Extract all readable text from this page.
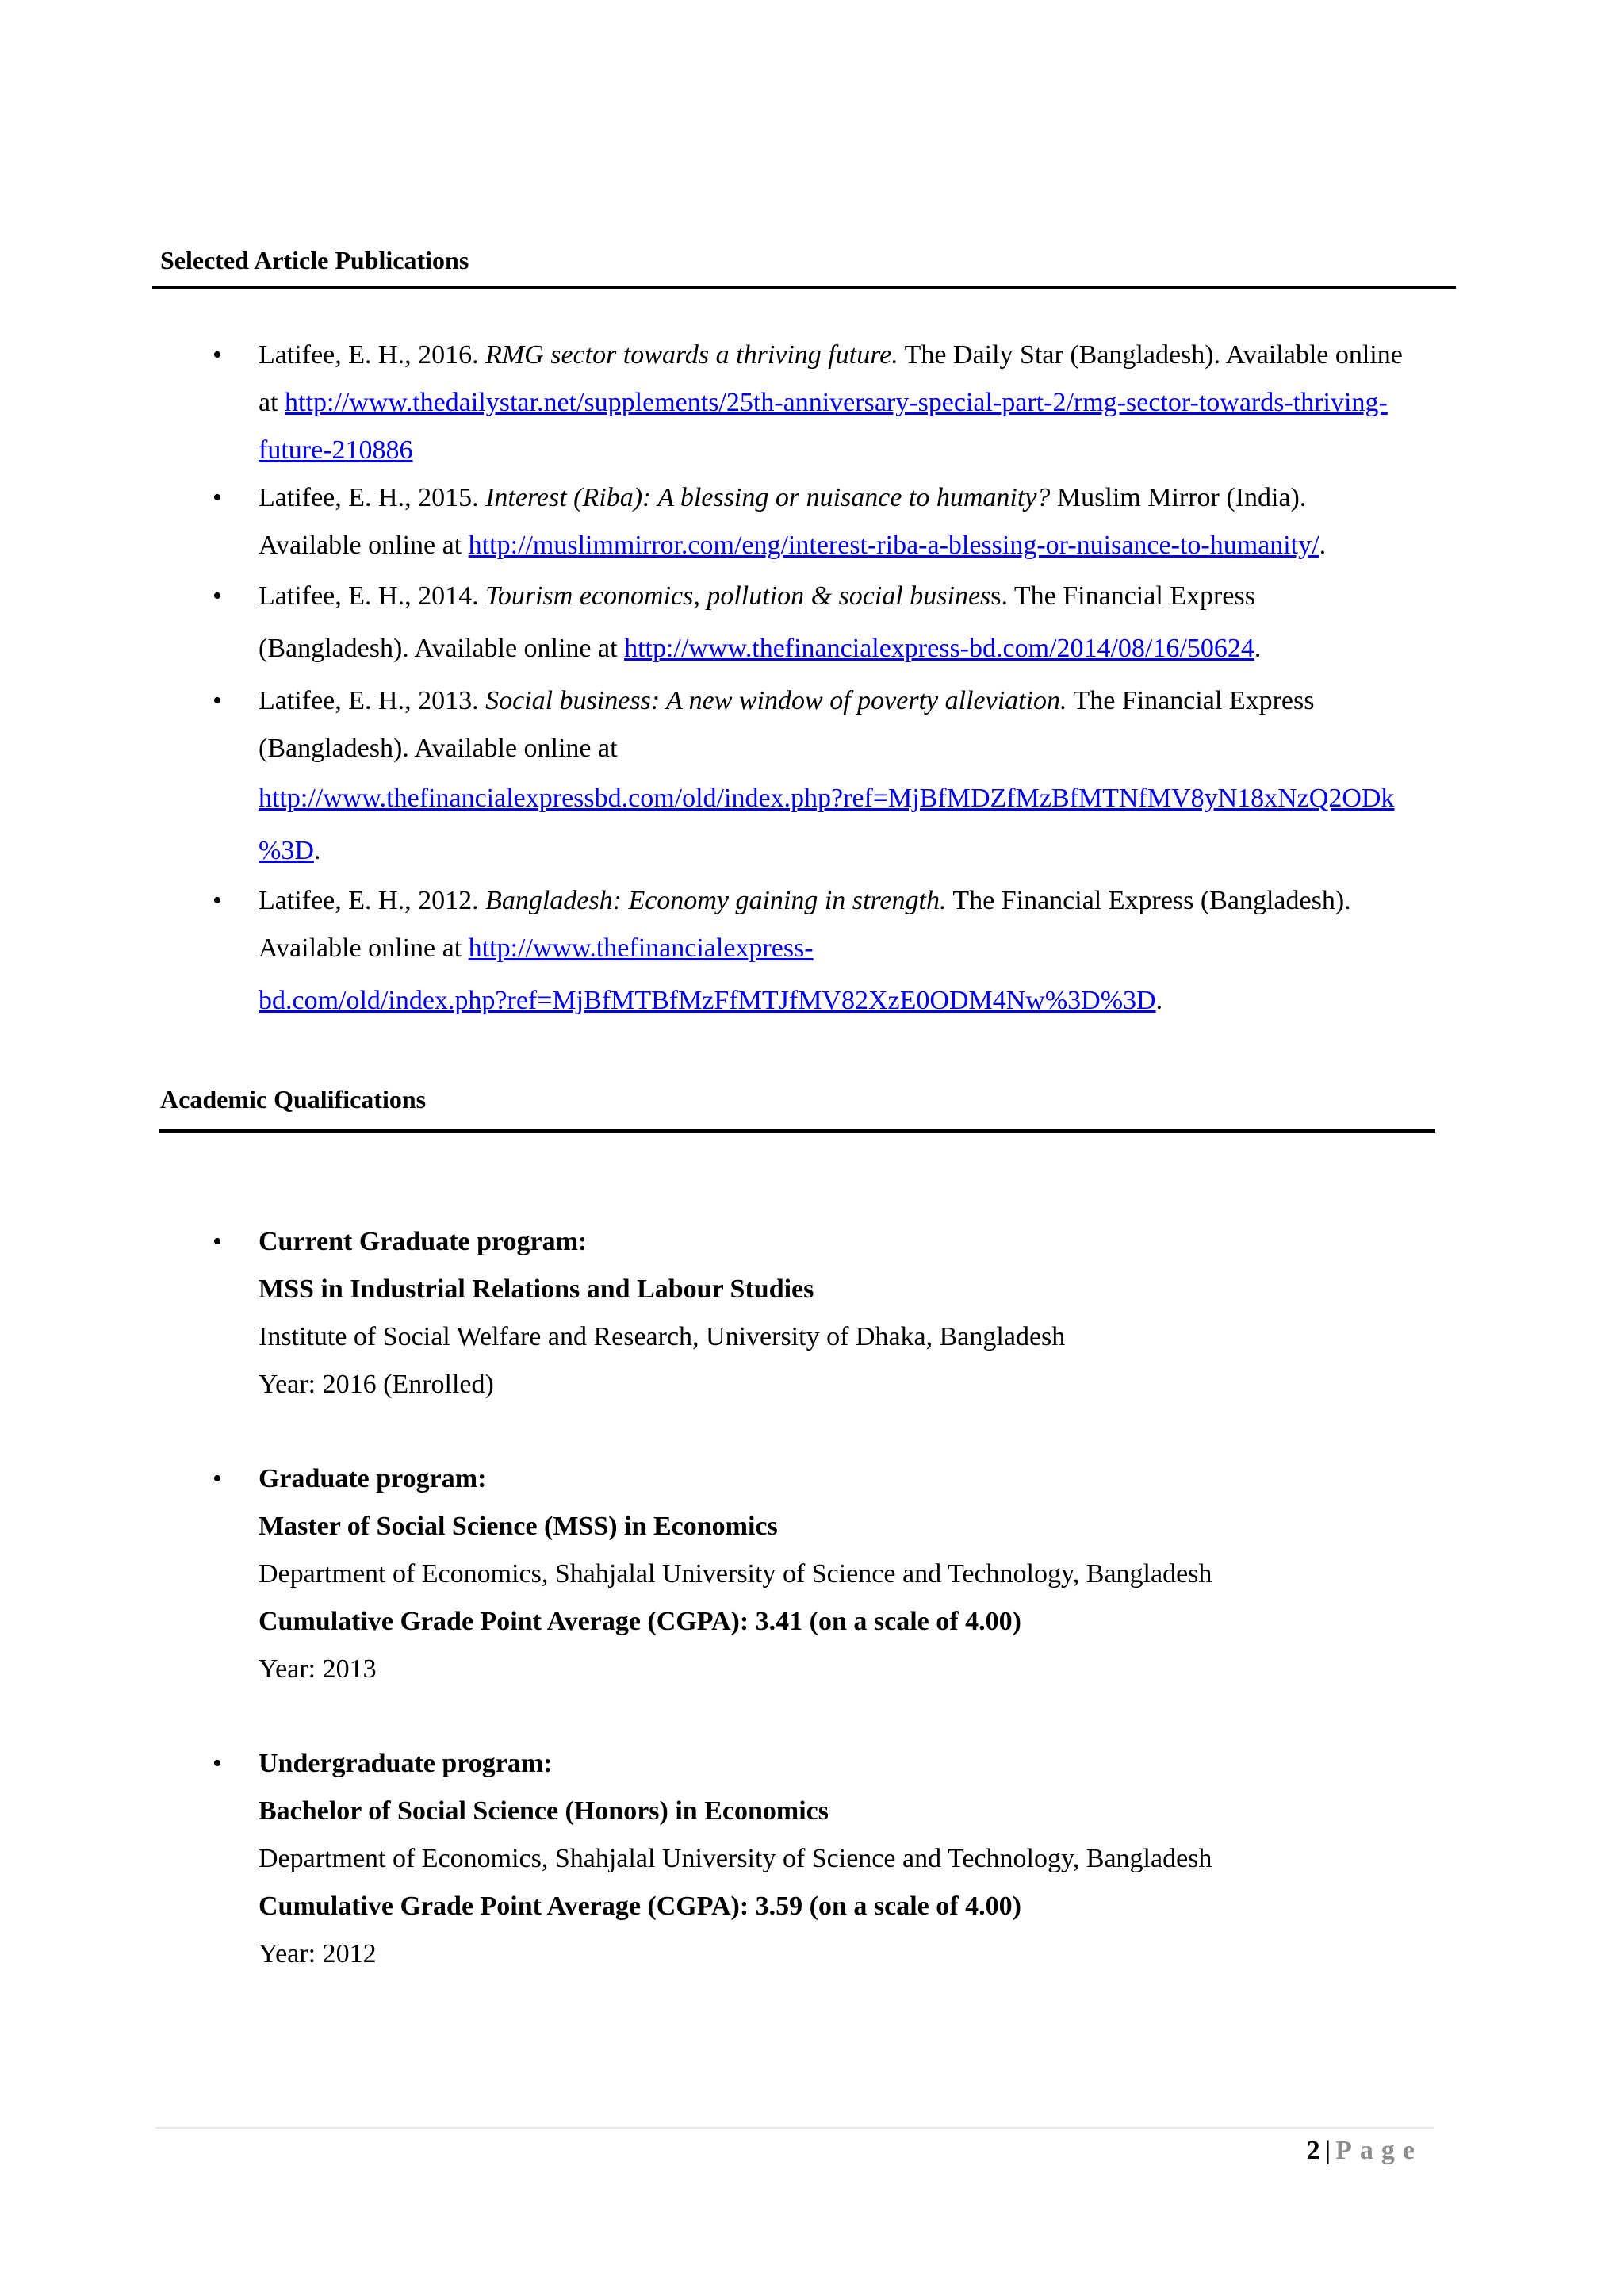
Selected Article Publications
• Latifee, E. H., 2016. RMG sector towards a thriving future. The Daily Star (Bangladesh). Available online
at http://www.thedailystar.net/supplements/25th-anniversary-special-part-2/rmg-sector-towards-thriving-
future-210886
• Latifee, E. H., 2015. Interest (Riba): A blessing or nuisance to humanity? Muslim Mirror (India).
Available online at http://muslimmirror.com/eng/interest-riba-a-blessing-or-nuisance-to-humanity/.
• Latifee, E. H., 2014. Tourism economics, pollution & social business. The Financial Express
(Bangladesh). Available online at http://www.thefinancialexpress-bd.com/2014/08/16/50624.
• Latifee, E. H., 2013. Social business: A new window of poverty alleviation. The Financial Express
(Bangladesh). Available online at
http://www.thefinancialexpressbd.com/old/index.php?ref=MjBfMDZfMzBfMTNfMV8yN18xNzQ2ODk
%3D.
• Latifee, E. H., 2012. Bangladesh: Economy gaining in strength. The Financial Express (Bangladesh).
Available online at http://www.thefinancialexpress-
bd.com/old/index.php?ref=MjBfMTBfMzFfMTJfMV82XzE0ODM4Nw%3D%3D.
Academic Qualifications
• Current Graduate program:
MSS in Industrial Relations and Labour Studies
Institute of Social Welfare and Research, University of Dhaka, Bangladesh
Year: 2016 (Enrolled)
• Graduate program:
Master of Social Science (MSS) in Economics
Department of Economics, Shahjalal University of Science and Technology, Bangladesh
Cumulative Grade Point Average (CGPA): 3.41 (on a scale of 4.00)
Year: 2013
• Undergraduate program:
Bachelor of Social Science (Honors) in Economics
Department of Economics, Shahjalal University of Science and Technology, Bangladesh
Cumulative Grade Point Average (CGPA): 3.59 (on a scale of 4.00)
Year: 2012
2 | Page
